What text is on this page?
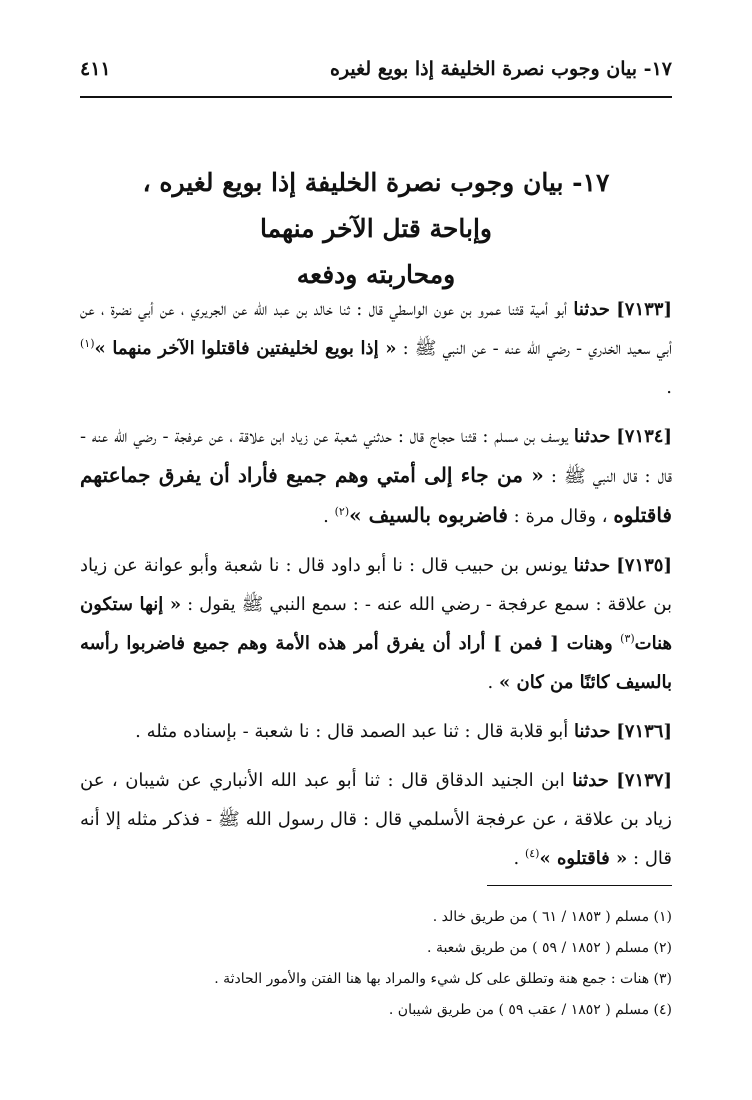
١٧- بيان وجوب نصرة الخليفة إذا بويع لغيره
٤١١
١٧- بيان وجوب نصرة الخليفة إذا بويع لغيره ،
وإباحة قتل الآخر منهما
ومحاربته ودفعه

[٧١٣٣] حدثنا أبو أمية قثنا عمرو بن عون الواسطي قال : ثنا خالد بن عبد الله عن الجريري ، عن أبي نضرة ، عن أبي سعيد الخدري - رضي الله عنه - عن النبي ﷺ : « إذا بويع لخليفتين فاقتلوا الآخر منهما »$^{(١)}$ .

[٧١٣٤] حدثنا يوسف بن مسلم : قثنا حجاج قال : حدثني شعبة عن زياد ابن علاقة ، عن عرفجة - رضي الله عنه - قال : قال النبي ﷺ : « من جاء إلى أمتي وهم جميع فأراد أن يفرق جماعتهم فاقتلوه ، وقال مرة : فاضربوه بالسيف »$^{(٢)}$ .

[٧١٣٥] حدثنا يونس بن حبيب قال : نا أبو داود قال : نا شعبة وأبو عوانة عن زياد بن علاقة : سمع عرفجة - رضي الله عنه - : سمع النبي ﷺ يقول : « إنها ستكون هنات$^{(٣)}$ وهنات [ فمن ] أراد أن يفرق أمر هذه الأمة وهم جميع فاضربوا رأسه بالسيف كائنًا من كان » .

[٧١٣٦] حدثنا أبو قلابة قال : ثنا عبد الصمد قال : نا شعبة - بإسناده مثله .

[٧١٣٧] حدثنا ابن الجنيد الدقاق قال : ثنا أبو عبد الله الأنباري عن شيبان ، عن زياد بن علاقة ، عن عرفجة الأسلمي قال : قال رسول الله ﷺ - فذكر مثله إلا أنه قال : « فاقتلوه »$^{(٤)}$ .

(١) مسلم ( ١٨٥٣ / ٦١ ) من طريق خالد .
(٢) مسلم ( ١٨٥٢ / ٥٩ ) من طريق شعبة .
(٣) هنات : جمع هنة وتطلق على كل شيء والمراد بها هنا الفتن والأمور الحادثة .
(٤) مسلم ( ١٨٥٢ / عقب ٥٩ ) من طريق شيبان .
